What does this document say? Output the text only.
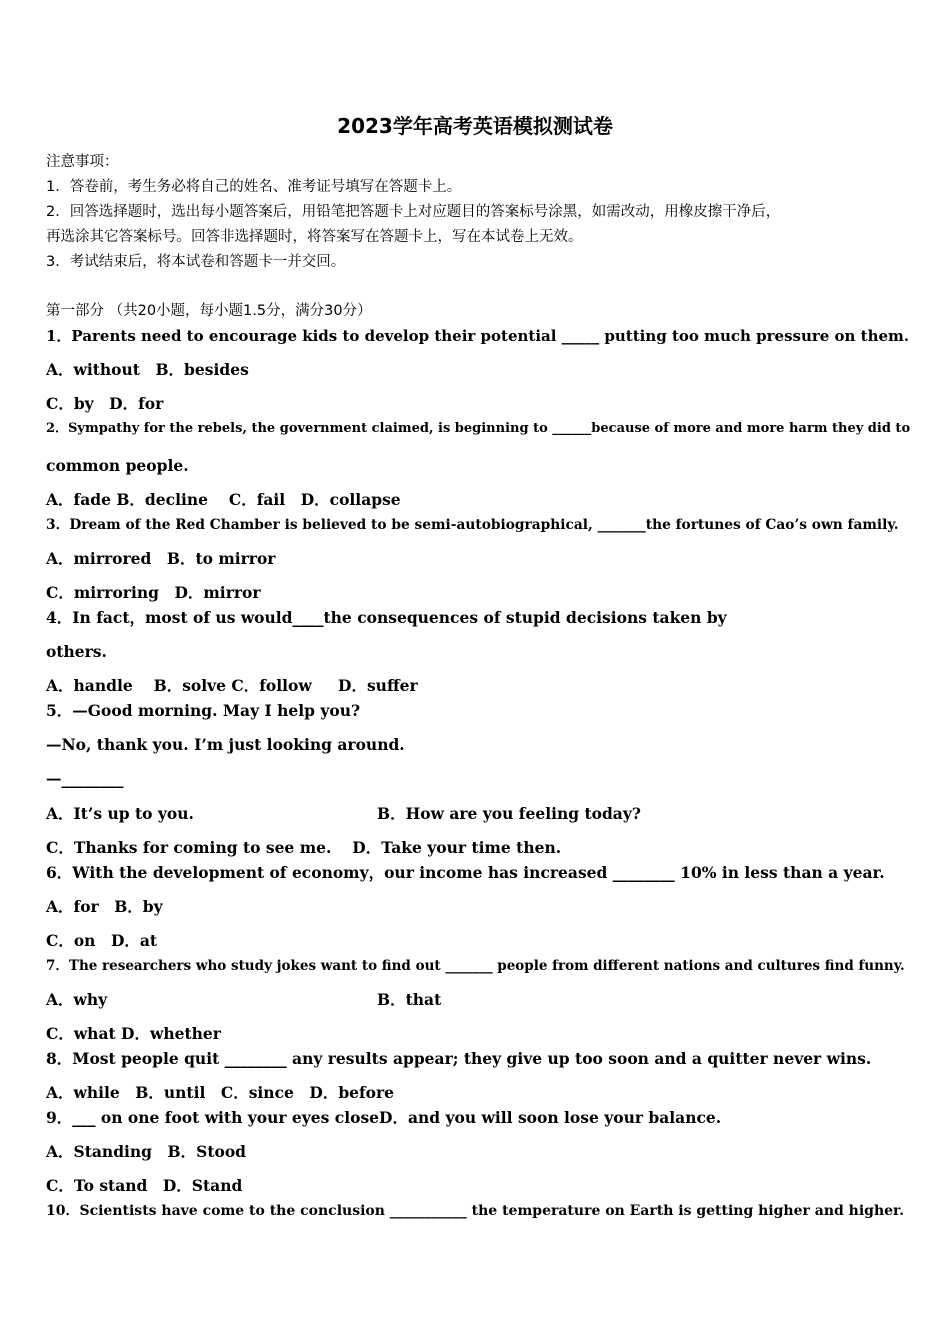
2023学年高考英语模拟测试卷
注意事项：
1．答卷前，考生务必将自己的姓名、准考证号填写在答题卡上。
2．回答选择题时，选出每小题答案后，用铅笔把答题卡上对应题目的答案标号涂黑，如需改动，用橡皮擦干净后，
再选涂其它答案标号。回答非选择题时，将答案写在答题卡上，写在本试卷上无效。
3．考试结束后，将本试卷和答题卡一并交回。
第一部分 （共20小题，每小题1.5分，满分30分）
1．Parents need to encourage kids to develop their potential _____ putting too much pressure on them.
A．without　B．besides
C．by　D．for
2．Sympathy for the rebels, the government claimed, is beginning to ______because of more and more harm they did to
common people.
A．fade B．decline 　C．fail　D．collapse
3．Dream of the Red Chamber is believed to be semi-autobiographical, _______the fortunes of Cao’s own family.
A．mirrored　B．to mirror
C．mirroring　D．mirror
4．In fact，most of us would____the consequences of stupid decisions taken by
others.
A．handle　 B．solve C．follow 　 D．suffer
5．—Good morning. May I help you?
—No, thank you. I’m just looking around.
—________
A．It’s up to you.	B．How are you feeling today?
C．Thanks for coming to see me.　 D．Take your time then.
6．With the development of economy，our income has increased ________ 10% in less than a year.
A．for　B．by
C．on　D．at
7．The researchers who study jokes want to find out _______ people from different nations and cultures find funny.
A．why	B．that
C．what D．whether
8．Most people quit ________ any results appear; they give up too soon and a quitter never wins.
A．while　B．until　C．since　D．before
9．___ on one foot with your eyes closeD．and you will soon lose your balance.
A．Standing　B．Stood
C．To stand　D．Stand
10．Scientists have come to the conclusion ___________ the temperature on Earth is getting higher and higher.
